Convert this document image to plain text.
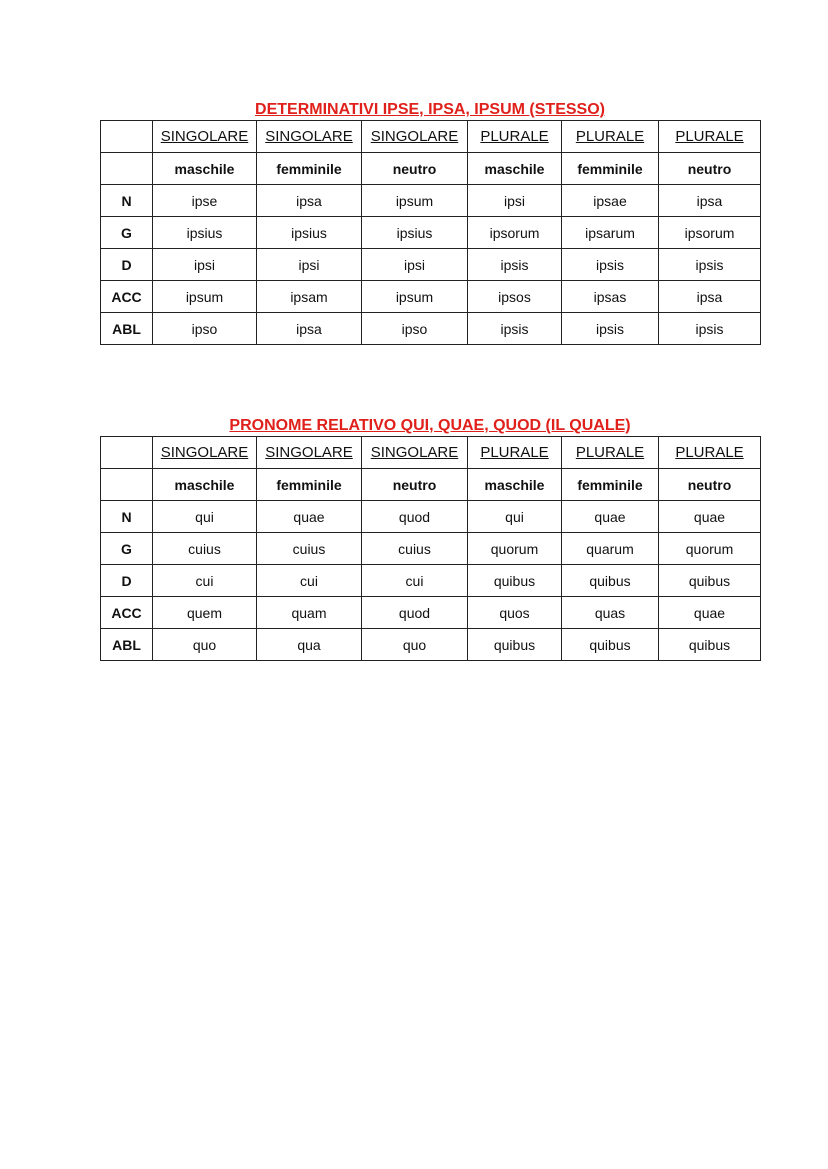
DETERMINATIVI IPSE, IPSA, IPSUM (STESSO)
	SINGOLARE	SINGOLARE	SINGOLARE	PLURALE	PLURALE	PLURALE
	maschile	femminile	neutro	maschile	femminile	neutro
N	ipse	ipsa	ipsum	ipsi	ipsae	ipsa
G	ipsius	ipsius	ipsius	ipsorum	ipsarum	ipsorum
D	ipsi	ipsi	ipsi	ipsis	ipsis	ipsis
ACC	ipsum	ipsam	ipsum	ipsos	ipsas	ipsa
ABL	ipso	ipsa	ipso	ipsis	ipsis	ipsis
PRONOME RELATIVO QUI, QUAE, QUOD (IL QUALE)
	SINGOLARE	SINGOLARE	SINGOLARE	PLURALE	PLURALE	PLURALE
	maschile	femminile	neutro	maschile	femminile	neutro
N	qui	quae	quod	qui	quae	quae
G	cuius	cuius	cuius	quorum	quarum	quorum
D	cui	cui	cui	quibus	quibus	quibus
ACC	quem	quam	quod	quos	quas	quae
ABL	quo	qua	quo	quibus	quibus	quibus
